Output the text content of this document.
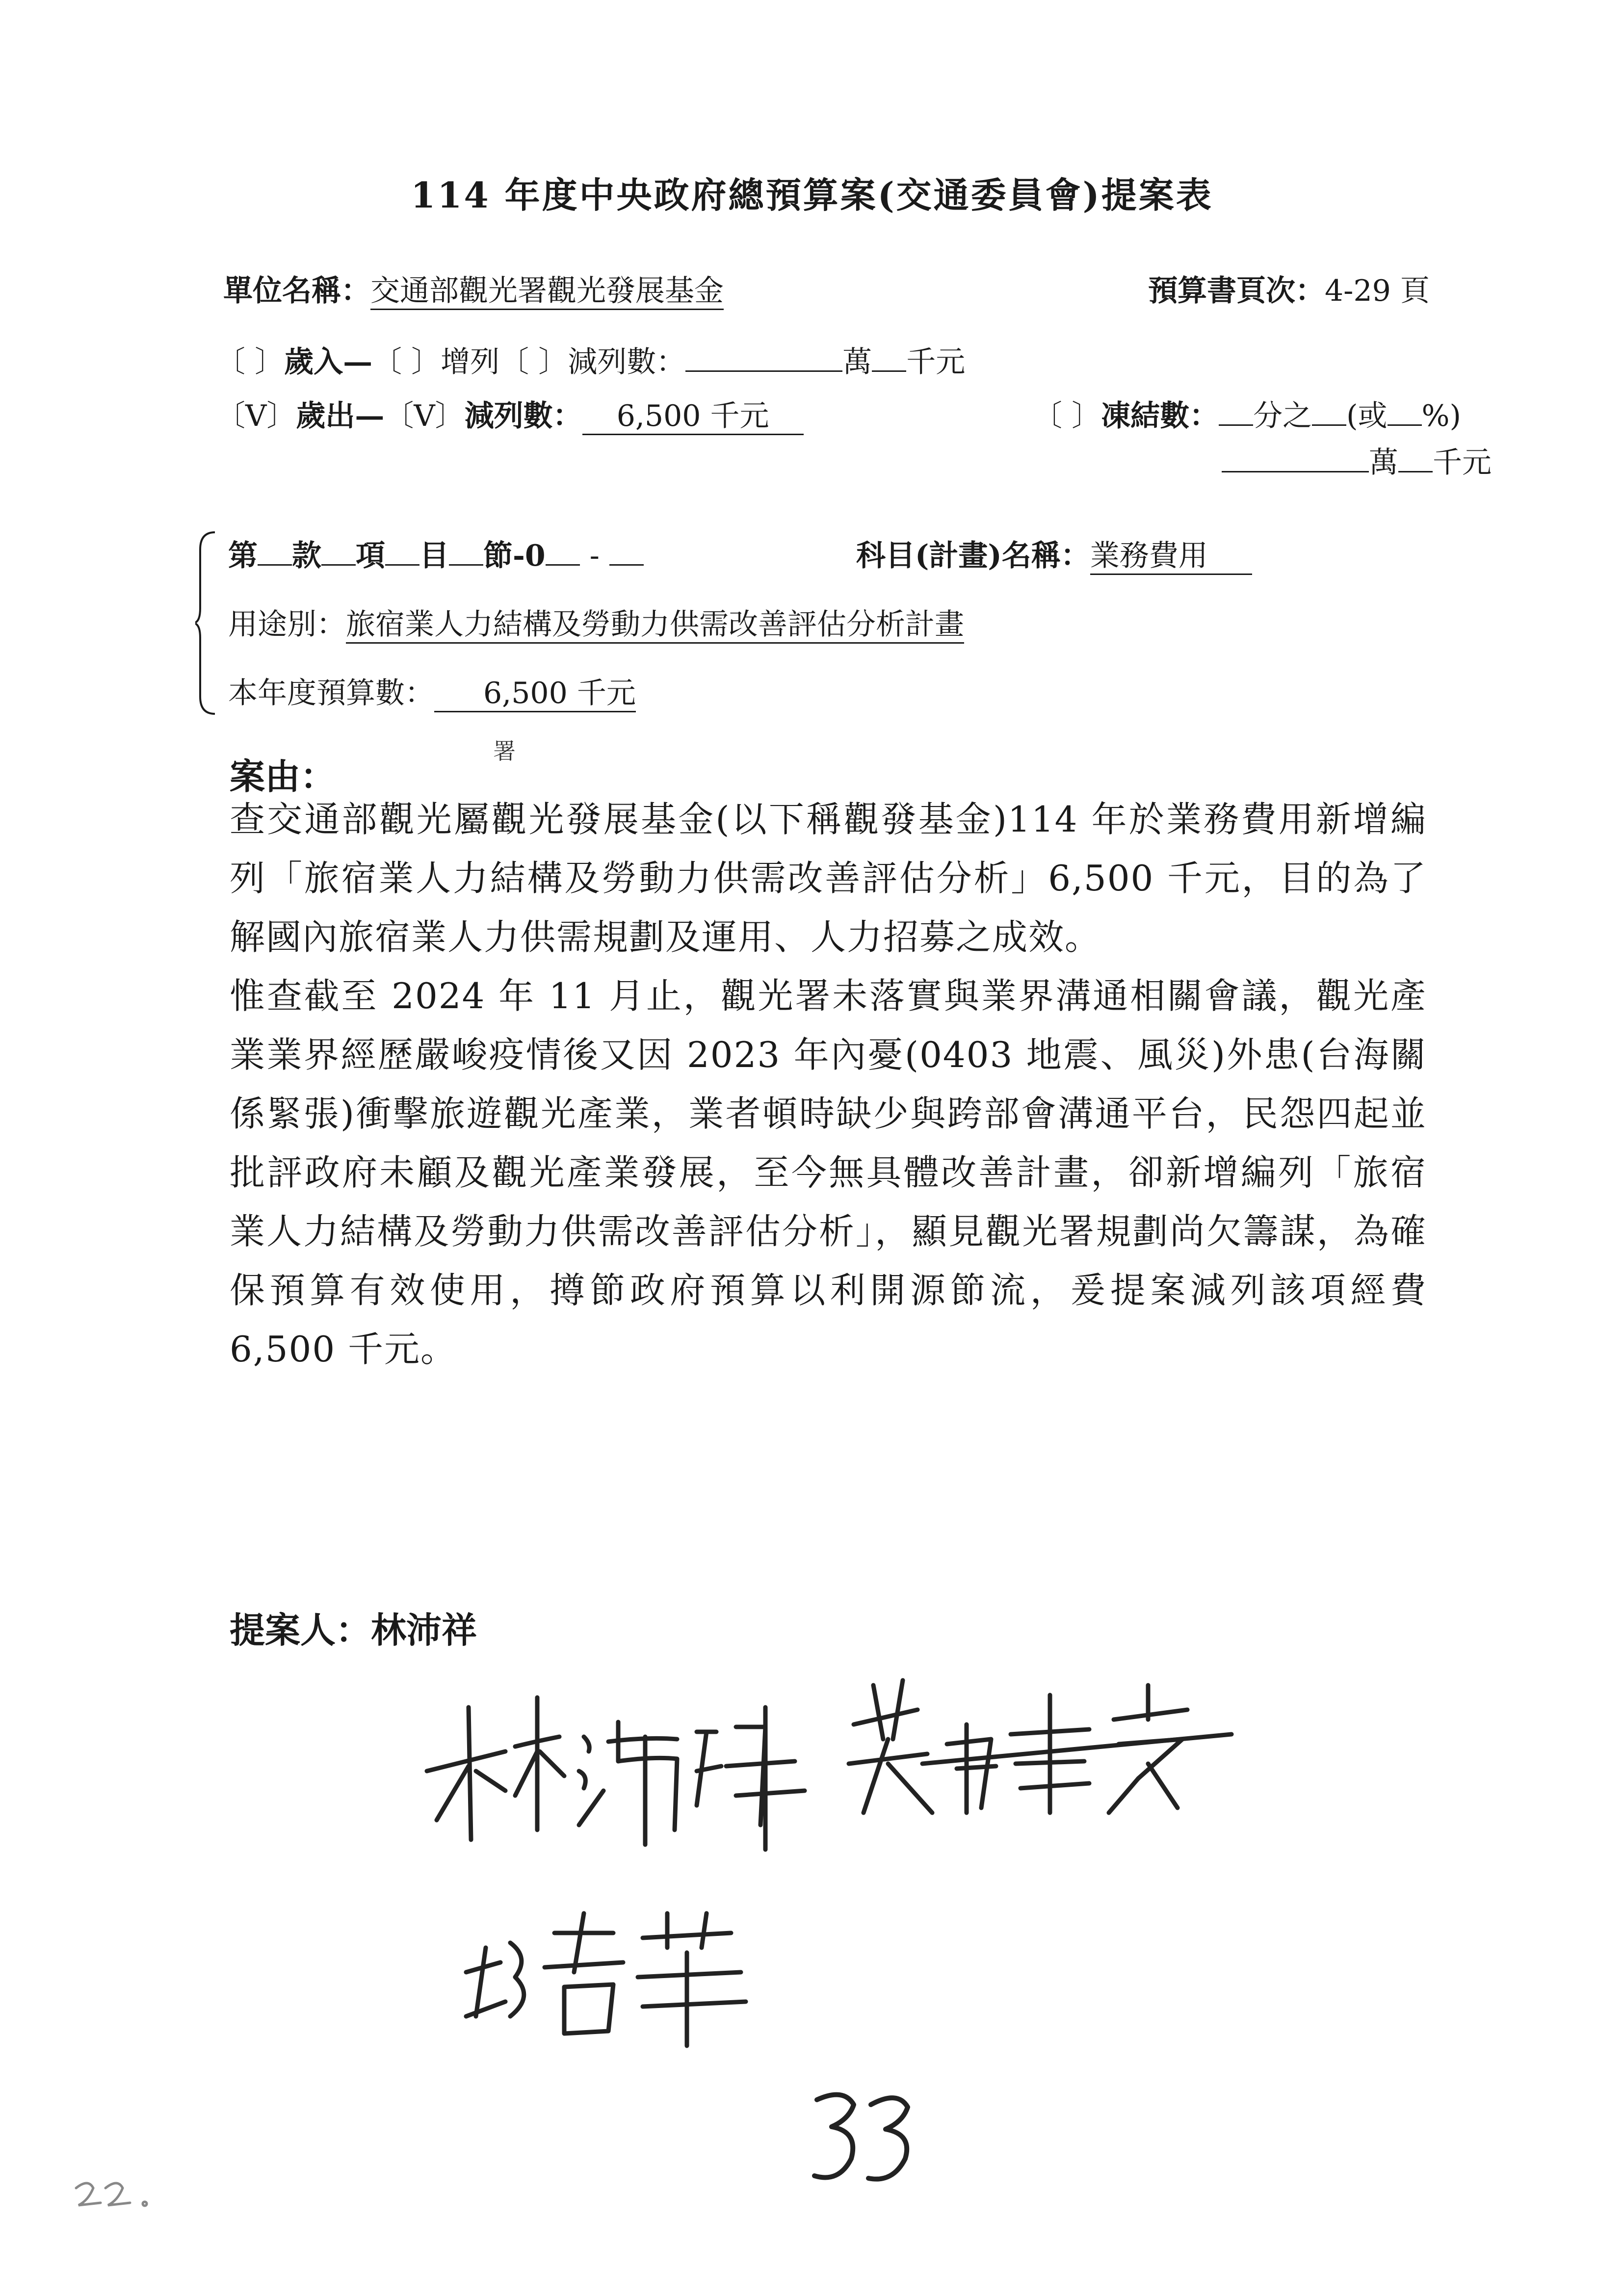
114 年度中央政府總預算案(交通委員會)提案表
單位名稱： 交通部觀光署觀光發展基金	預算書頁次： 4-29 頁
〔 〕 歲入— 〔 〕 增列 〔 〕 減列數：	萬 千元
〔V〕 歲出— 〔V〕 減列數：	6,500 千元	〔 〕 凍結數： 分之 (或 %)
萬 千元
第 款 項 目 節-0 -	科目(計畫)名稱： 業務費用
用途別： 旅宿業人力結構及勞動力供需改善評估分析計畫
本年度預算數：	6,500 千元
案由：
署

查交通部觀光屬觀光發展基金(以下稱觀發基金)114 年於業務費用新增編列「旅宿業人力結構及勞動力供需改善評估分析」6,500 千元，目的為了解國內旅宿業人力供需規劃及運用、人力招募之成效。

惟查截至 2024 年 11 月止，觀光署未落實與業界溝通相關會議，觀光產業業界經歷嚴峻疫情後又因 2023 年內憂(0403 地震、風災)外患(台海關係緊張)衝擊旅遊觀光產業，業者頓時缺少與跨部會溝通平台，民怨四起並批評政府未顧及觀光產業發展，至今無具體改善計畫，卻新增編列「旅宿業人力結構及勞動力供需改善評估分析」，顯見觀光署規劃尚欠籌謀，為確保預算有效使用，撙節政府預算以利開源節流，爰提案減列該項經費 6,500 千元。

提案人： 林沛祥
